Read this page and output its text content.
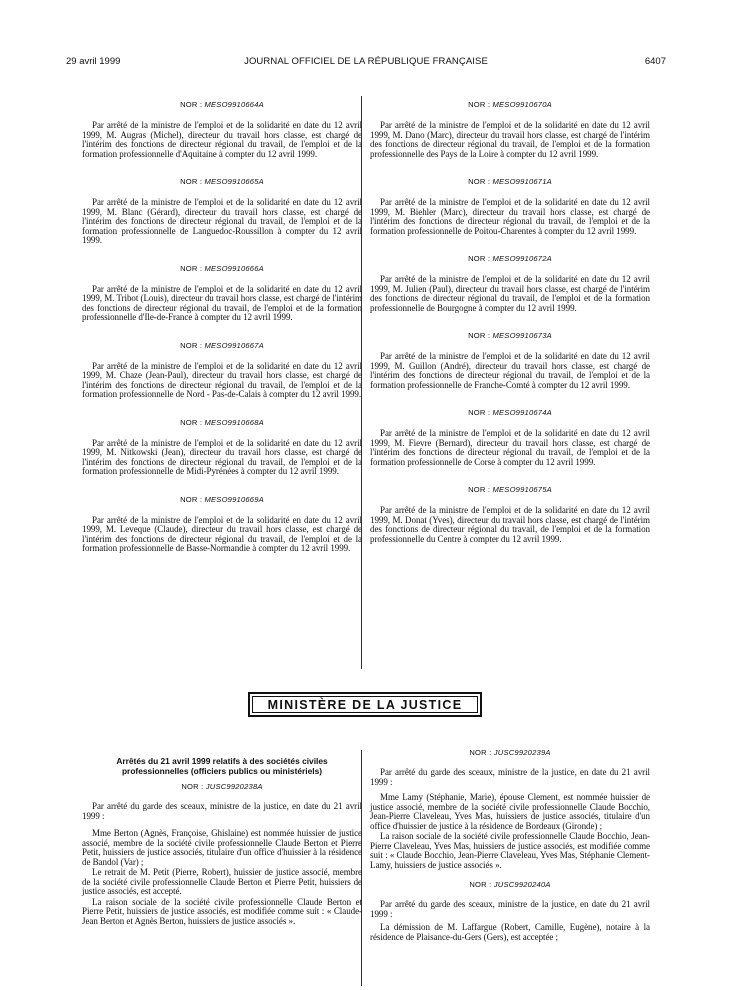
29 avril 1999	JOURNAL OFFICIEL DE LA RÉPUBLIQUE FRANÇAISE	6407
NOR : MESO9910664A

Par arrêté de la ministre de l'emploi et de la solidarité en date du 12 avril 1999, M. Augras (Michel), directeur du travail hors classe, est chargé de l'intérim des fonctions de directeur régional du travail, de l'emploi et de la formation professionnelle d'Aquitaine à compter du 12 avril 1999.

NOR : MESO9910665A

Par arrêté de la ministre de l'emploi et de la solidarité en date du 12 avril 1999, M. Blanc (Gérard), directeur du travail hors classe, est chargé de l'intérim des fonctions de directeur régional du travail, de l'emploi et de la formation professionnelle de Languedoc-Roussillon à compter du 12 avril 1999.

NOR : MESO9910666A

Par arrêté de la ministre de l'emploi et de la solidarité en date du 12 avril 1999, M. Tribot (Louis), directeur du travail hors classe, est chargé de l'intérim des fonctions de directeur régional du travail, de l'emploi et de la formation professionnelle d'Ile-de-France à compter du 12 avril 1999.

NOR : MESO9910667A

Par arrêté de la ministre de l'emploi et de la solidarité en date du 12 avril 1999, M. Chaze (Jean-Paul), directeur du travail hors classe, est chargé de l'intérim des fonctions de directeur régional du travail, de l'emploi et de la formation professionnelle de Nord - Pas-de-Calais à compter du 12 avril 1999.

NOR : MESO9910668A

Par arrêté de la ministre de l'emploi et de la solidarité en date du 12 avril 1999, M. Nitkowski (Jean), directeur du travail hors classe, est chargé de l'intérim des fonctions de directeur régional du travail, de l'emploi et de la formation professionnelle de Midi-Pyrénées à compter du 12 avril 1999.

NOR : MESO9910669A

Par arrêté de la ministre de l'emploi et de la solidarité en date du 12 avril 1999, M. Leveque (Claude), directeur du travail hors classe, est chargé de l'intérim des fonctions de directeur régional du travail, de l'emploi et de la formation professionnelle de Basse-Normandie à compter du 12 avril 1999.

NOR : MESO9910670A

Par arrêté de la ministre de l'emploi et de la solidarité en date du 12 avril 1999, M. Dano (Marc), directeur du travail hors classe, est chargé de l'intérim des fonctions de directeur régional du travail, de l'emploi et de la formation professionnelle des Pays de la Loire à compter du 12 avril 1999.

NOR : MESO9910671A

Par arrêté de la ministre de l'emploi et de la solidarité en date du 12 avril 1999, M. Biehler (Marc), directeur du travail hors classe, est chargé de l'intérim des fonctions de directeur régional du travail, de l'emploi et de la formation professionnelle de Poitou-Charentes à compter du 12 avril 1999.

NOR : MESO9910672A

Par arrêté de la ministre de l'emploi et de la solidarité en date du 12 avril 1999, M. Julien (Paul), directeur du travail hors classe, est chargé de l'intérim des fonctions de directeur régional du travail, de l'emploi et de la formation professionnelle de Bourgogne à compter du 12 avril 1999.

NOR : MESO9910673A

Par arrêté de la ministre de l'emploi et de la solidarité en date du 12 avril 1999, M. Guillon (André), directeur du travail hors classe, est chargé de l'intérim des fonctions de directeur régional du travail, de l'emploi et de la formation professionnelle de Franche-Comté à compter du 12 avril 1999.

NOR : MESO9910674A

Par arrêté de la ministre de l'emploi et de la solidarité en date du 12 avril 1999, M. Fievre (Bernard), directeur du travail hors classe, est chargé de l'intérim des fonctions de directeur régional du travail, de l'emploi et de la formation professionnelle de Corse à compter du 12 avril 1999.

NOR : MESO9910675A

Par arrêté de la ministre de l'emploi et de la solidarité en date du 12 avril 1999, M. Donat (Yves), directeur du travail hors classe, est chargé de l'intérim des fonctions de directeur régional du travail, de l'emploi et de la formation professionnelle du Centre à compter du 12 avril 1999.

MINISTÈRE DE LA JUSTICE
Arrêtés du 21 avril 1999 relatifs à des sociétés civiles professionnelles (officiers publics ou ministériels)
NOR : JUSC9920238A

Par arrêté du garde des sceaux, ministre de la justice, en date du 21 avril 1999 :

Mme Berton (Agnès, Françoise, Ghislaine) est nommée huissier de justice associé, membre de la société civile professionnelle Claude Berton et Pierre Petit, huissiers de justice associés, titulaire d'un office d'huissier à la résidence de Bandol (Var) ;

Le retrait de M. Petit (Pierre, Robert), huissier de justice associé, membre de la société civile professionnelle Claude Berton et Pierre Petit, huissiers de justice associés, est accepté.

La raison sociale de la société civile professionnelle Claude Berton et Pierre Petit, huissiers de justice associés, est modifiée comme suit : « Claude-Jean Berton et Agnès Berton, huissiers de justice associés ».

NOR : JUSC9920239A

Par arrêté du garde des sceaux, ministre de la justice, en date du 21 avril 1999 :

Mme Lamy (Stéphanie, Marie), épouse Clement, est nommée huissier de justice associé, membre de la société civile professionnelle Claude Bocchio, Jean-Pierre Claveleau, Yves Mas, huissiers de justice associés, titulaire d'un office d'huissier de justice à la résidence de Bordeaux (Gironde) ;

La raison sociale de la société civile professionnelle Claude Bocchio, Jean-Pierre Claveleau, Yves Mas, huissiers de justice associés, est modifiée comme suit : « Claude Bocchio, Jean-Pierre Claveleau, Yves Mas, Stéphanie Clement-Lamy, huissiers de justice associés ».

NOR : JUSC9920240A

Par arrêté du garde des sceaux, ministre de la justice, en date du 21 avril 1999 :

La démission de M. Laffargue (Robert, Camille, Eugène), notaire à la résidence de Plaisance-du-Gers (Gers), est acceptée ;
